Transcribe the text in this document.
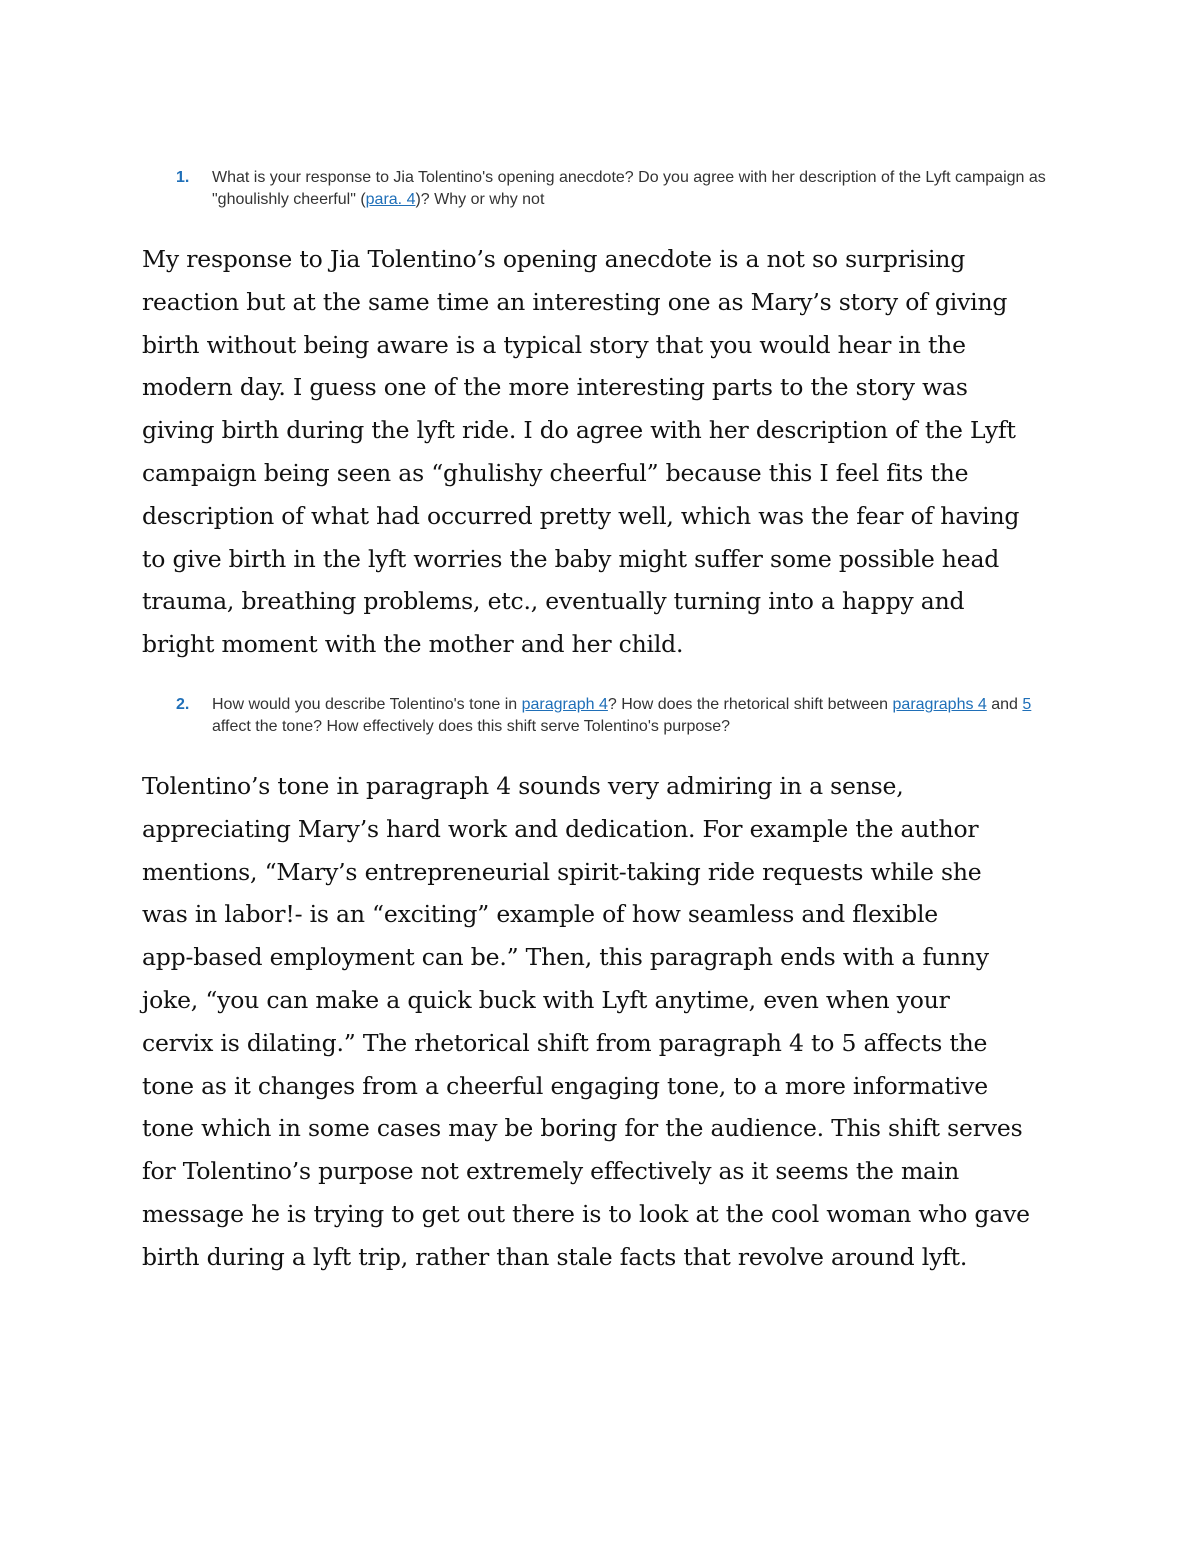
1. What is your response to Jia Tolentino's opening anecdote? Do you agree with her description of the Lyft campaign as "ghoulishly cheerful" (para. 4)? Why or why not
My response to Jia Tolentino’s opening anecdote is a not so surprising
reaction but at the same time an interesting one as Mary’s story of giving
birth without being aware is a typical story that you would hear in the
modern day. I guess one of the more interesting parts to the story was
giving birth during the lyft ride. I do agree with her description of the Lyft
campaign being seen as “ghulishy cheerful” because this I feel fits the
description of what had occurred pretty well, which was the fear of having
to give birth in the lyft worries the baby might suffer some possible head
trauma, breathing problems, etc., eventually turning into a happy and
bright moment with the mother and her child.
2. How would you describe Tolentino's tone in paragraph 4? How does the rhetorical shift between paragraphs 4 and 5 affect the tone? How effectively does this shift serve Tolentino's purpose?
Tolentino’s tone in paragraph 4 sounds very admiring in a sense,
appreciating Mary’s hard work and dedication. For example the author
mentions, “Mary’s entrepreneurial spirit-taking ride requests while she
was in labor!- is an “exciting” example of how seamless and flexible
app-based employment can be.” Then, this paragraph ends with a funny
joke, “you can make a quick buck with Lyft anytime, even when your
cervix is dilating.” The rhetorical shift from paragraph 4 to 5 affects the
tone as it changes from a cheerful engaging tone, to a more informative
tone which in some cases may be boring for the audience. This shift serves
for Tolentino’s purpose not extremely effectively as it seems the main
message he is trying to get out there is to look at the cool woman who gave
birth during a lyft trip, rather than stale facts that revolve around lyft.
